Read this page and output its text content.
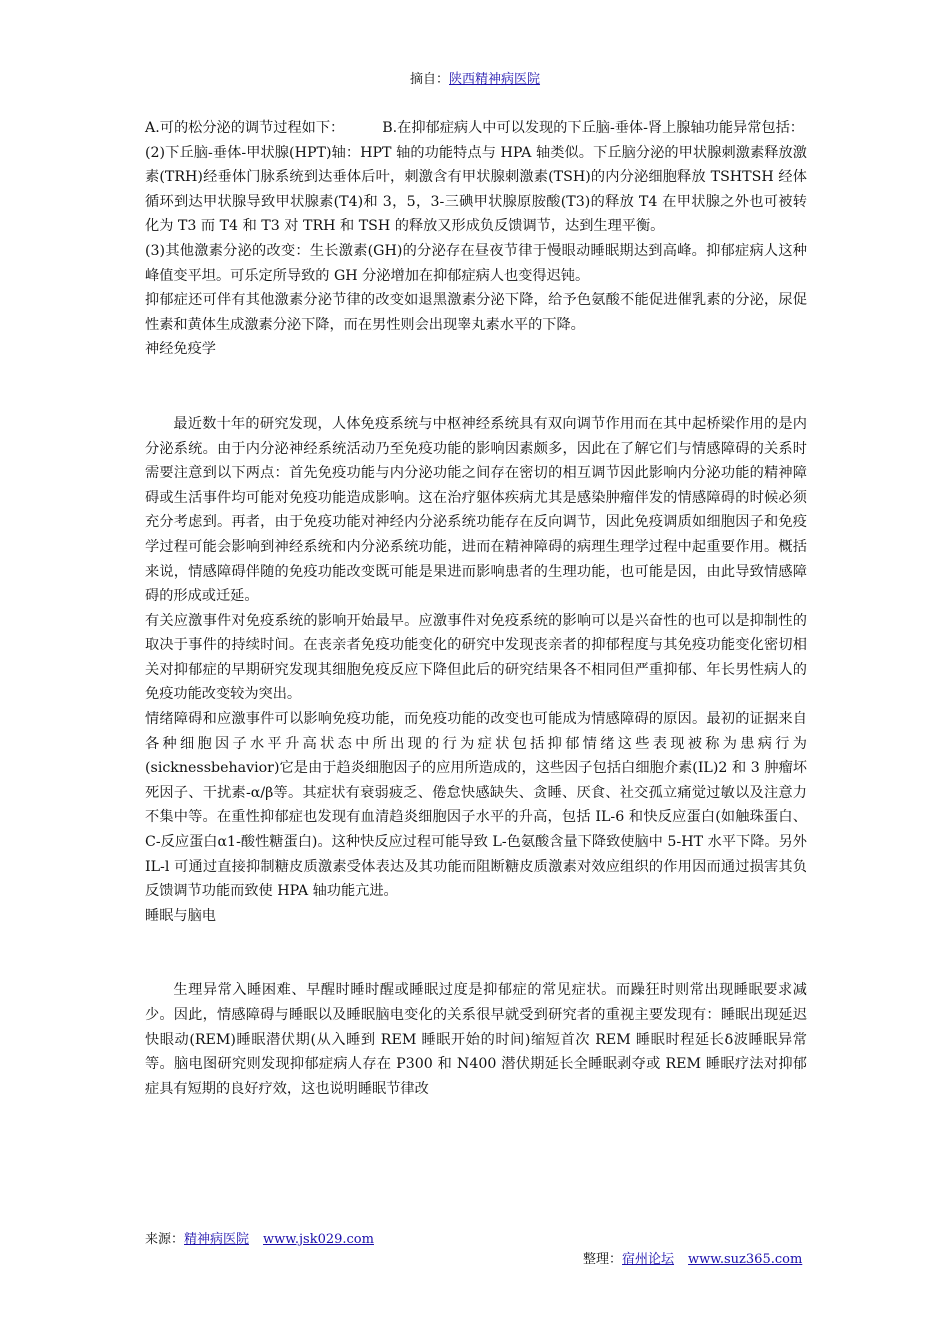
摘自：陕西精神病医院

A.可的松分泌的调节过程如下：	B.在抑郁症病人中可以发现的下丘脑-垂体-肾上腺轴功能异常包括：

(2)下丘脑-垂体-甲状腺(HPT)轴：HPT 轴的功能特点与 HPA 轴类似。下丘脑分泌的甲状腺刺激素释放激素(TRH)经垂体门脉系统到达垂体后叶，刺激含有甲状腺刺激素(TSH)的内分泌细胞释放 TSHTSH 经体循环到达甲状腺导致甲状腺素(T4)和 3，5，3-三碘甲状腺原胺酸(T3)的释放 T4 在甲状腺之外也可被转化为 T3 而 T4 和 T3 对 TRH 和 TSH 的释放又形成负反馈调节，达到生理平衡。

(3)其他激素分泌的改变：生长激素(GH)的分泌存在昼夜节律于慢眼动睡眠期达到高峰。抑郁症病人这种峰值变平坦。可乐定所导致的 GH 分泌增加在抑郁症病人也变得迟钝。

抑郁症还可伴有其他激素分泌节律的改变如退黑激素分泌下降，给予色氨酸不能促进催乳素的分泌，尿促性素和黄体生成激素分泌下降，而在男性则会出现睾丸素水平的下降。

神经免疫学

最近数十年的研究发现，人体免疫系统与中枢神经系统具有双向调节作用而在其中起桥梁作用的是内分泌系统。由于内分泌神经系统活动乃至免疫功能的影响因素颇多，因此在了解它们与情感障碍的关系时需要注意到以下两点：首先免疫功能与内分泌功能之间存在密切的相互调节因此影响内分泌功能的精神障碍或生活事件均可能对免疫功能造成影响。这在治疗躯体疾病尤其是感染肿瘤伴发的情感障碍的时候必须充分考虑到。再者，由于免疫功能对神经内分泌系统功能存在反向调节，因此免疫调质如细胞因子和免疫学过程可能会影响到神经系统和内分泌系统功能，进而在精神障碍的病理生理学过程中起重要作用。概括来说，情感障碍伴随的免疫功能改变既可能是果进而影响患者的生理功能，也可能是因，由此导致情感障碍的形成或迁延。

有关应激事件对免疫系统的影响开始最早。应激事件对免疫系统的影响可以是兴奋性的也可以是抑制性的取决于事件的持续时间。在丧亲者免疫功能变化的研究中发现丧亲者的抑郁程度与其免疫功能变化密切相关对抑郁症的早期研究发现其细胞免疫反应下降但此后的研究结果各不相同但严重抑郁、年长男性病人的免疫功能改变较为突出。

情绪障碍和应激事件可以影响免疫功能，而免疫功能的改变也可能成为情感障碍的原因。最初的证据来自各种细胞因子水平升高状态中所出现的行为症状包括抑郁情绪这些表现被称为患病行为(sicknessbehavior)它是由于趋炎细胞因子的应用所造成的，这些因子包括白细胞介素(IL)2 和 3 肿瘤坏死因子、干扰素-α/β等。其症状有衰弱疲乏、倦怠快感缺失、贪睡、厌食、社交孤立痛觉过敏以及注意力不集中等。在重性抑郁症也发现有血清趋炎细胞因子水平的升高，包括 IL-6 和快反应蛋白(如触珠蛋白、C-反应蛋白α1-酸性糖蛋白)。这种快反应过程可能导致 L-色氨酸含量下降致使脑中 5-HT 水平下降。另外 IL-l 可通过直接抑制糖皮质激素受体表达及其功能而阻断糖皮质激素对效应组织的作用因而通过损害其负反馈调节功能而致使 HPA 轴功能亢进。

睡眠与脑电

生理异常入睡困难、早醒时睡时醒或睡眠过度是抑郁症的常见症状。而躁狂时则常出现睡眠要求减少。因此，情感障碍与睡眠以及睡眠脑电变化的关系很早就受到研究者的重视主要发现有：睡眠出现延迟快眼动(REM)睡眠潜伏期(从入睡到 REM 睡眠开始的时间)缩短首次 REM 睡眠时程延长δ波睡眠异常等。脑电图研究则发现抑郁症病人存在 P300 和 N400 潜伏期延长全睡眠剥夺或 REM 睡眠疗法对抑郁症具有短期的良好疗效，这也说明睡眠节律改

来源：精神病医院 www.jsk029.com
整理：宿州论坛 www.suz365.com
